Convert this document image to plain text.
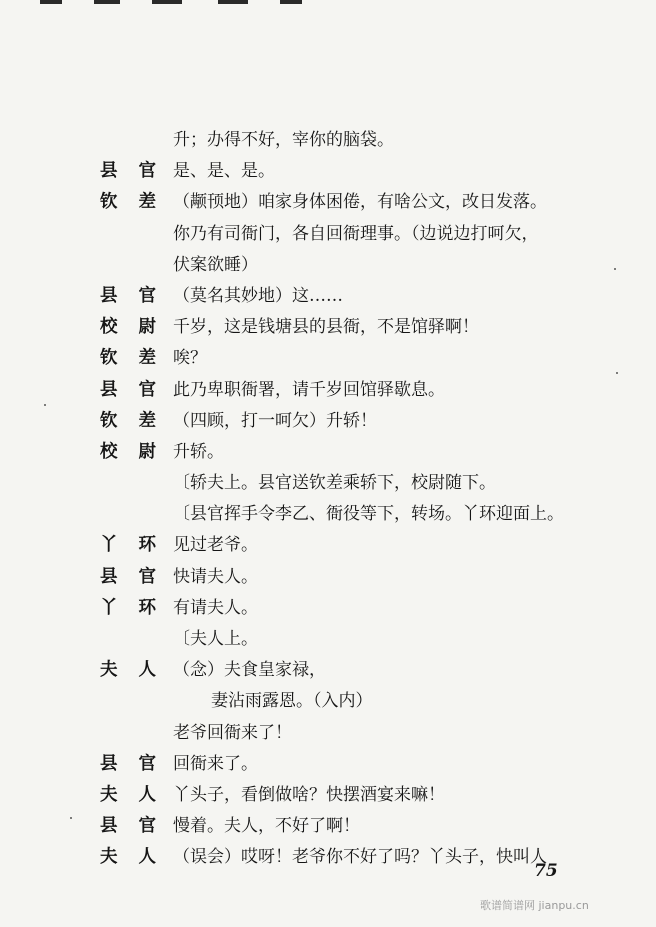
升；办得不好，宰你的脑袋。
县 官 是、是、是。
钦 差 （颟顸地）咱家身体困倦，有啥公文，改日发落。
你乃有司衙门，各自回衙理事。（边说边打呵欠，
伏案欲睡）
县 官 （莫名其妙地）这……
校 尉 千岁，这是钱塘县的县衙，不是馆驿啊！
钦 差 唉？
县 官 此乃卑职衙署，请千岁回馆驿歇息。
钦 差 （四顾，打一呵欠）升轿！
校 尉 升轿。
〔轿夫上。县官送钦差乘轿下，校尉随下。
〔县官挥手令李乙、衙役等下，转场。丫环迎面上。
丫 环 见过老爷。
县 官 快请夫人。
丫 环 有请夫人。
〔夫人上。
夫 人 （念）夫食皇家禄，
妻沾雨露恩。（入内）
老爷回衙来了！
县 官 回衙来了。
夫 人 丫头子，看倒做啥？快摆酒宴来嘛！
县 官 慢着。夫人，不好了啊！
夫 人 （误会）哎呀！老爷你不好了吗？丫头子，快叫人
75
歌谱简谱网 jianpu.cn
